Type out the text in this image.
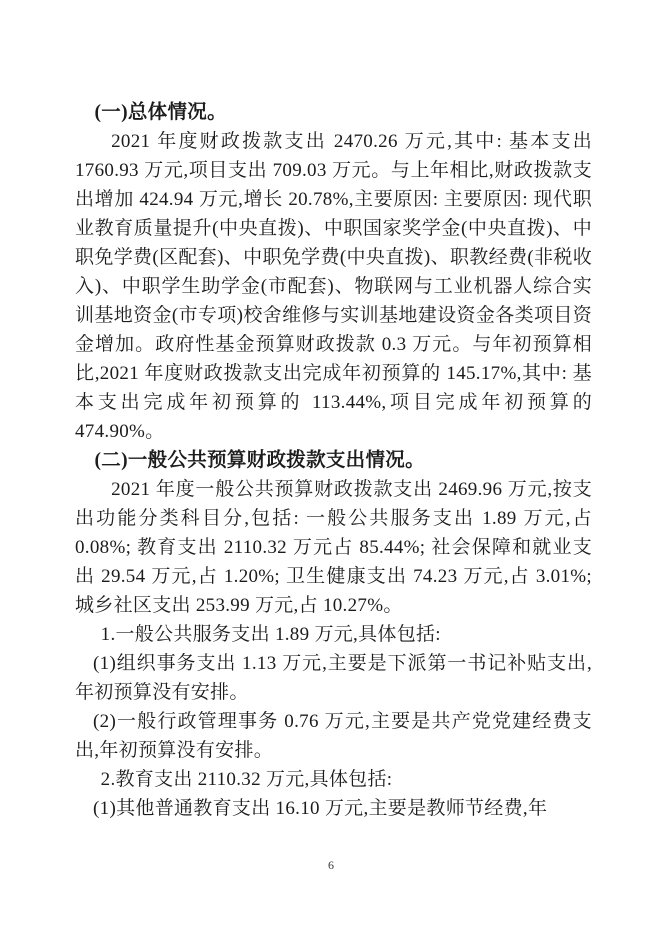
(一)总体情况。

2021 年度财政拨款支出 2470.26 万元,其中: 基本支出 1760.93 万元,项目支出 709.03 万元。与上年相比,财政拨款支出增加 424.94 万元,增长 20.78%,主要原因: 主要原因: 现代职业教育质量提升(中央直拨)、中职国家奖学金(中央直拨)、中职免学费(区配套)、中职免学费(中央直拨)、职教经费(非税收入)、中职学生助学金(市配套)、物联网与工业机器人综合实训基地资金(市专项)校舍维修与实训基地建设资金各类项目资金增加。政府性基金预算财政拨款 0.3 万元。与年初预算相比,2021 年度财政拨款支出完成年初预算的 145.17%,其中: 基本支出完成年初预算的 113.44%,项目完成年初预算的 474.90%。

(二)一般公共预算财政拨款支出情况。

2021 年度一般公共预算财政拨款支出 2469.96 万元,按支出功能分类科目分,包括: 一般公共服务支出 1.89 万元,占 0.08%; 教育支出 2110.32 万元占 85.44%; 社会保障和就业支出 29.54 万元,占 1.20%; 卫生健康支出 74.23 万元,占 3.01%; 城乡社区支出 253.99 万元,占 10.27%。

1.一般公共服务支出 1.89 万元,具体包括:

(1)组织事务支出 1.13 万元,主要是下派第一书记补贴支出,年初预算没有安排。

(2)一般行政管理事务 0.76 万元,主要是共产党党建经费支出,年初预算没有安排。

2.教育支出 2110.32 万元,具体包括:

(1)其他普通教育支出 16.10 万元,主要是教师节经费,年

6
